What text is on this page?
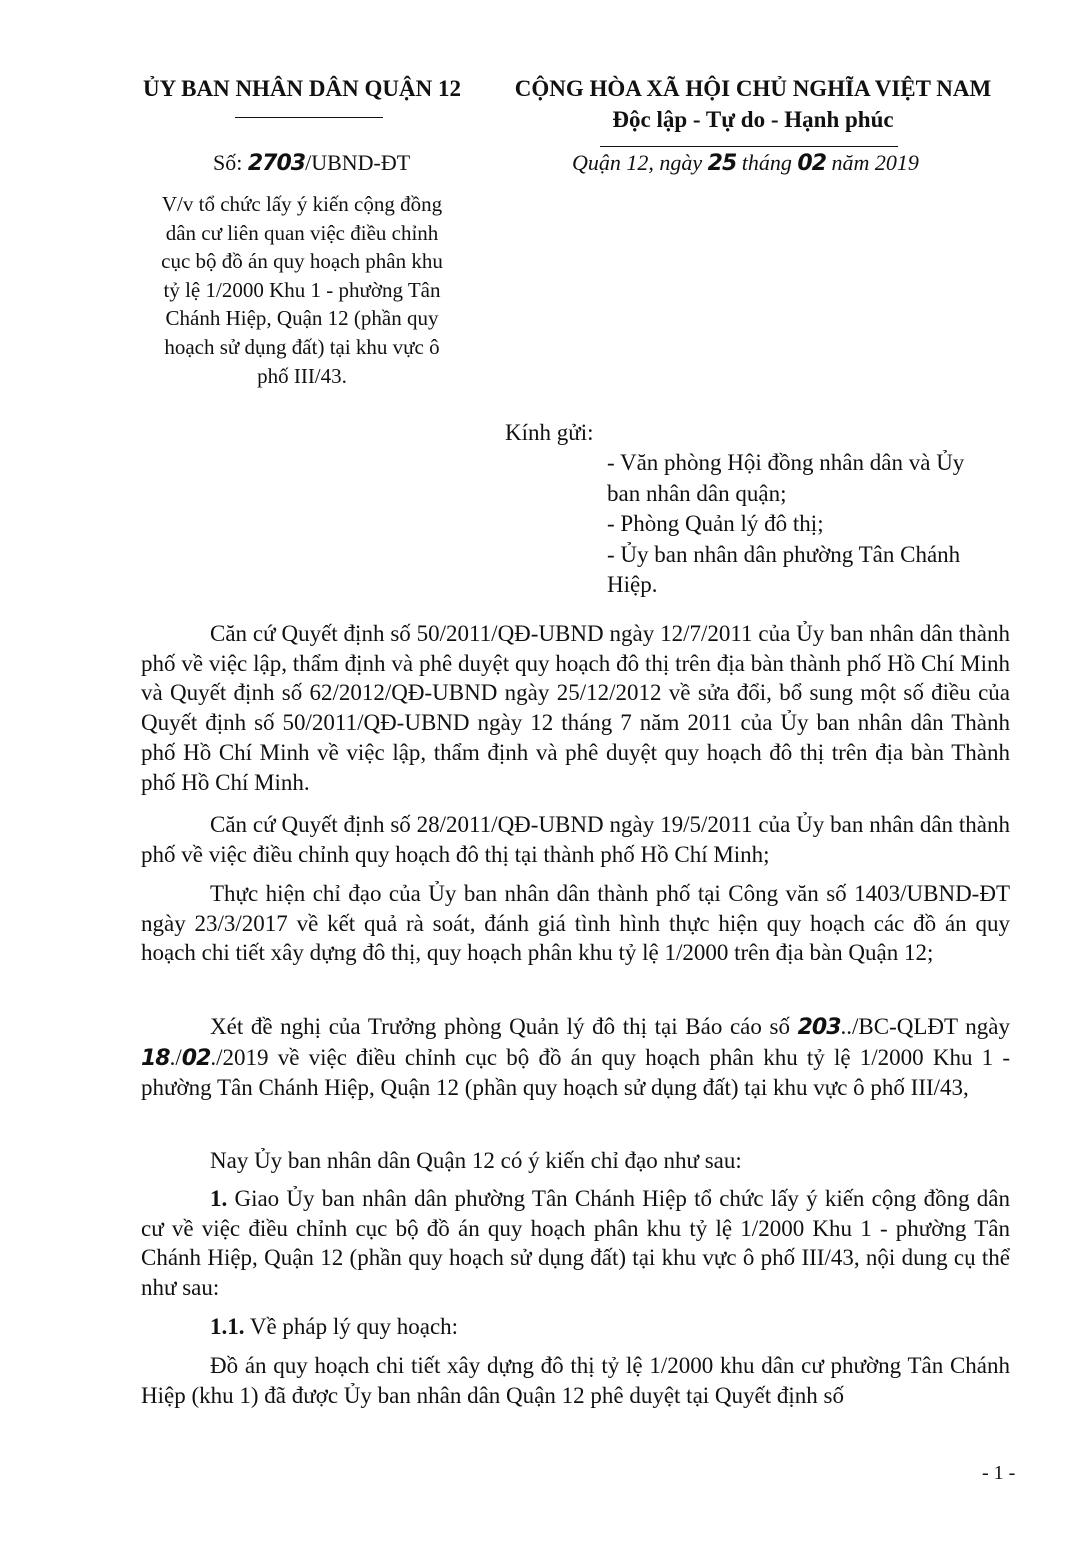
ỦY BAN NHÂN DÂN QUẬN 12	CỘNG HÒA XÃ HỘI CHỦ NGHĨA VIỆT NAM
Độc lập - Tự do - Hạnh phúc
Số: 2703/UBND-ĐT	Quận 12, ngày 25 tháng 02 năm 2019
V/v tổ chức lấy ý kiến cộng đồng
dân cư liên quan việc điều chỉnh
cục bộ đồ án quy hoạch phân khu
tỷ lệ 1/2000 Khu 1 - phường Tân
Chánh Hiệp, Quận 12 (phần quy
hoạch sử dụng đất) tại khu vực ô
phố III/43.
Kính gửi:
- Văn phòng Hội đồng nhân dân và Ủy
ban nhân dân quận;
- Phòng Quản lý đô thị;
- Ủy ban nhân dân phường Tân Chánh
Hiệp.
Căn cứ Quyết định số 50/2011/QĐ-UBND ngày 12/7/2011 của Ủy ban nhân dân thành phố về việc lập, thẩm định và phê duyệt quy hoạch đô thị trên địa bàn thành phố Hồ Chí Minh và Quyết định số 62/2012/QĐ-UBND ngày 25/12/2012 về sửa đổi, bổ sung một số điều của Quyết định số 50/2011/QĐ-UBND ngày 12 tháng 7 năm 2011 của Ủy ban nhân dân Thành phố Hồ Chí Minh về việc lập, thẩm định và phê duyệt quy hoạch đô thị trên địa bàn Thành phố Hồ Chí Minh.
Căn cứ Quyết định số 28/2011/QĐ-UBND ngày 19/5/2011 của Ủy ban nhân dân thành phố về việc điều chỉnh quy hoạch đô thị tại thành phố Hồ Chí Minh;
Thực hiện chỉ đạo của Ủy ban nhân dân thành phố tại Công văn số 1403/UBND-ĐT ngày 23/3/2017 về kết quả rà soát, đánh giá tình hình thực hiện quy hoạch các đồ án quy hoạch chi tiết xây dựng đô thị, quy hoạch phân khu tỷ lệ 1/2000 trên địa bàn Quận 12;
Xét đề nghị của Trưởng phòng Quản lý đô thị tại Báo cáo số 203../BC-QLĐT ngày 18./02./2019 về việc điều chỉnh cục bộ đồ án quy hoạch phân khu tỷ lệ 1/2000 Khu 1 - phường Tân Chánh Hiệp, Quận 12 (phần quy hoạch sử dụng đất) tại khu vực ô phố III/43,
Nay Ủy ban nhân dân Quận 12 có ý kiến chỉ đạo như sau:
1. Giao Ủy ban nhân dân phường Tân Chánh Hiệp tổ chức lấy ý kiến cộng đồng dân cư về việc điều chỉnh cục bộ đồ án quy hoạch phân khu tỷ lệ 1/2000 Khu 1 - phường Tân Chánh Hiệp, Quận 12 (phần quy hoạch sử dụng đất) tại khu vực ô phố III/43, nội dung cụ thể như sau:
1.1. Về pháp lý quy hoạch:
Đồ án quy hoạch chi tiết xây dựng đô thị tỷ lệ 1/2000 khu dân cư phường Tân Chánh Hiệp (khu 1) đã được Ủy ban nhân dân Quận 12 phê duyệt tại Quyết định số
- 1 -
